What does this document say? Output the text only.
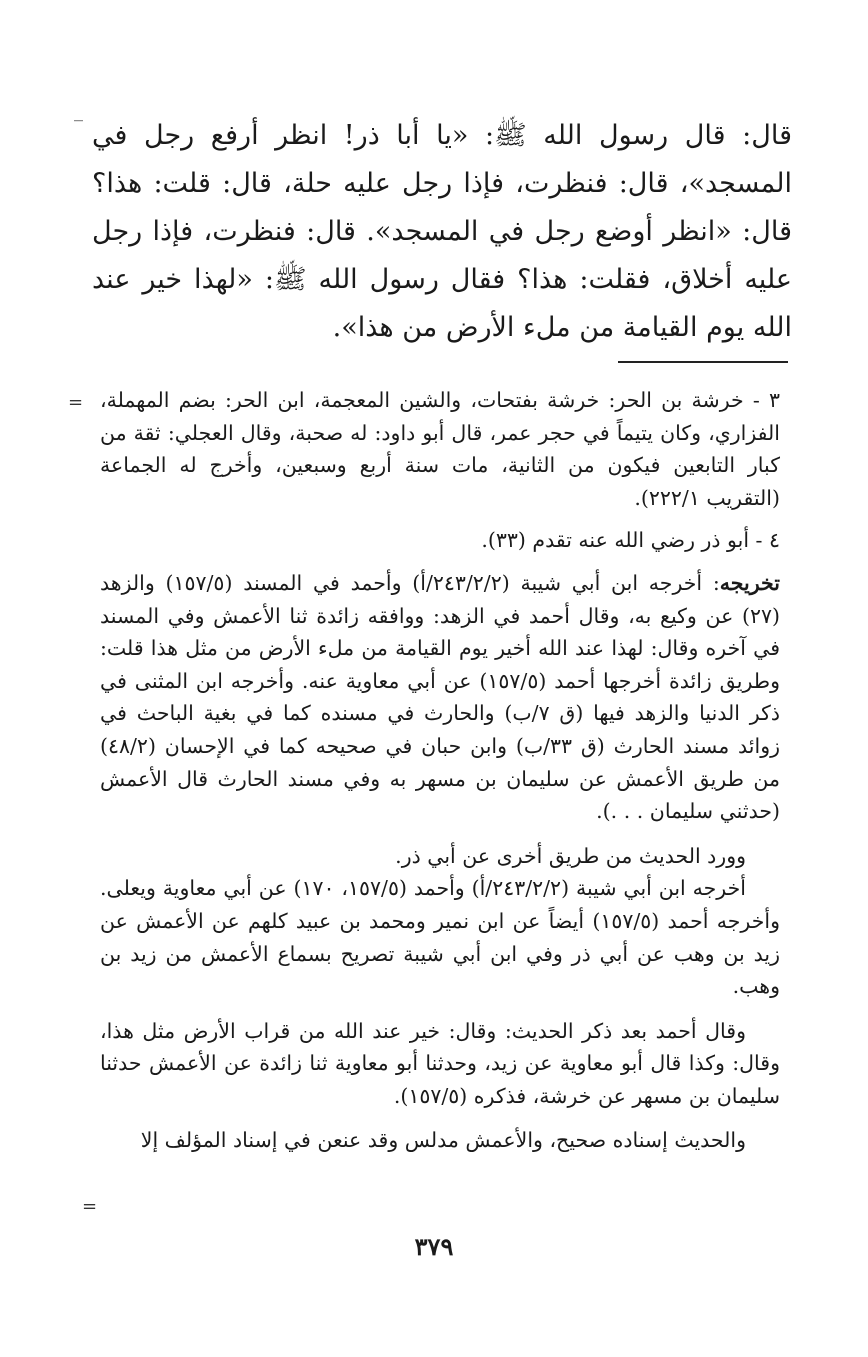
‾ قال: قال رسول الله ﷺ: «يا أبا ذر! انظر أرفع رجل في المسجد»، قال: فنظرت، فإذا رجل عليه حلة، قال: قلت: هذا؟ قال: «انظر أوضع رجل في المسجد». قال: فنظرت، فإذا رجل عليه أخلاق، فقلت: هذا؟ فقال رسول الله ﷺ: «لهذا خير عند الله يوم القيامة من ملء الأرض من هذا».

= ٣ - خرشة بن الحر: خرشة بفتحات، والشين المعجمة، ابن الحر: بضم المهملة، الفزاري، وكان يتيماً في حجر عمر، قال أبو داود: له صحبة، وقال العجلي: ثقة من كبار التابعين فيكون من الثانية، مات سنة أربع وسبعين، وأخرج له الجماعة (التقريب ٢٢٢/١).

٤ - أبو ذر رضي الله عنه تقدم (٣٣).

تخريجه: أخرجه ابن أبي شيبة (٢٤٣/٢/٢/أ) وأحمد في المسند (١٥٧/٥) والزهد (٢٧) عن وكيع به، وقال أحمد في الزهد: ووافقه زائدة ثنا الأعمش وفي المسند في آخره وقال: لهذا عند الله أخير يوم القيامة من ملء الأرض من مثل هذا قلت: وطريق زائدة أخرجها أحمد (١٥٧/٥) عن أبي معاوية عنه. وأخرجه ابن المثنى في ذكر الدنيا والزهد فيها (ق ٧/ب) والحارث في مسنده كما في بغية الباحث في زوائد مسند الحارث (ق ٣٣/ب) وابن حبان في صحيحه كما في الإحسان (٤٨/٢) من طريق الأعمش عن سليمان بن مسهر به وفي مسند الحارث قال الأعمش (حدثني سليمان . . .).

وورد الحديث من طريق أخرى عن أبي ذر.

أخرجه ابن أبي شيبة (٢٤٣/٢/٢/أ) وأحمد (١٥٧/٥، ١٧٠) عن أبي معاوية ويعلى. وأخرجه أحمد (١٥٧/٥) أيضاً عن ابن نمير ومحمد بن عبيد كلهم عن الأعمش عن زيد بن وهب عن أبي ذر وفي ابن أبي شيبة تصريح بسماع الأعمش من زيد بن وهب.

وقال أحمد بعد ذكر الحديث: وقال: خير عند الله من قراب الأرض مثل هذا، وقال: وكذا قال أبو معاوية عن زيد، وحدثنا أبو معاوية ثنا زائدة عن الأعمش حدثنا سليمان بن مسهر عن خرشة، فذكره (١٥٧/٥).

والحديث إسناده صحيح، والأعمش مدلس وقد عنعن في إسناد المؤلف إلا

=
٣٧٩
